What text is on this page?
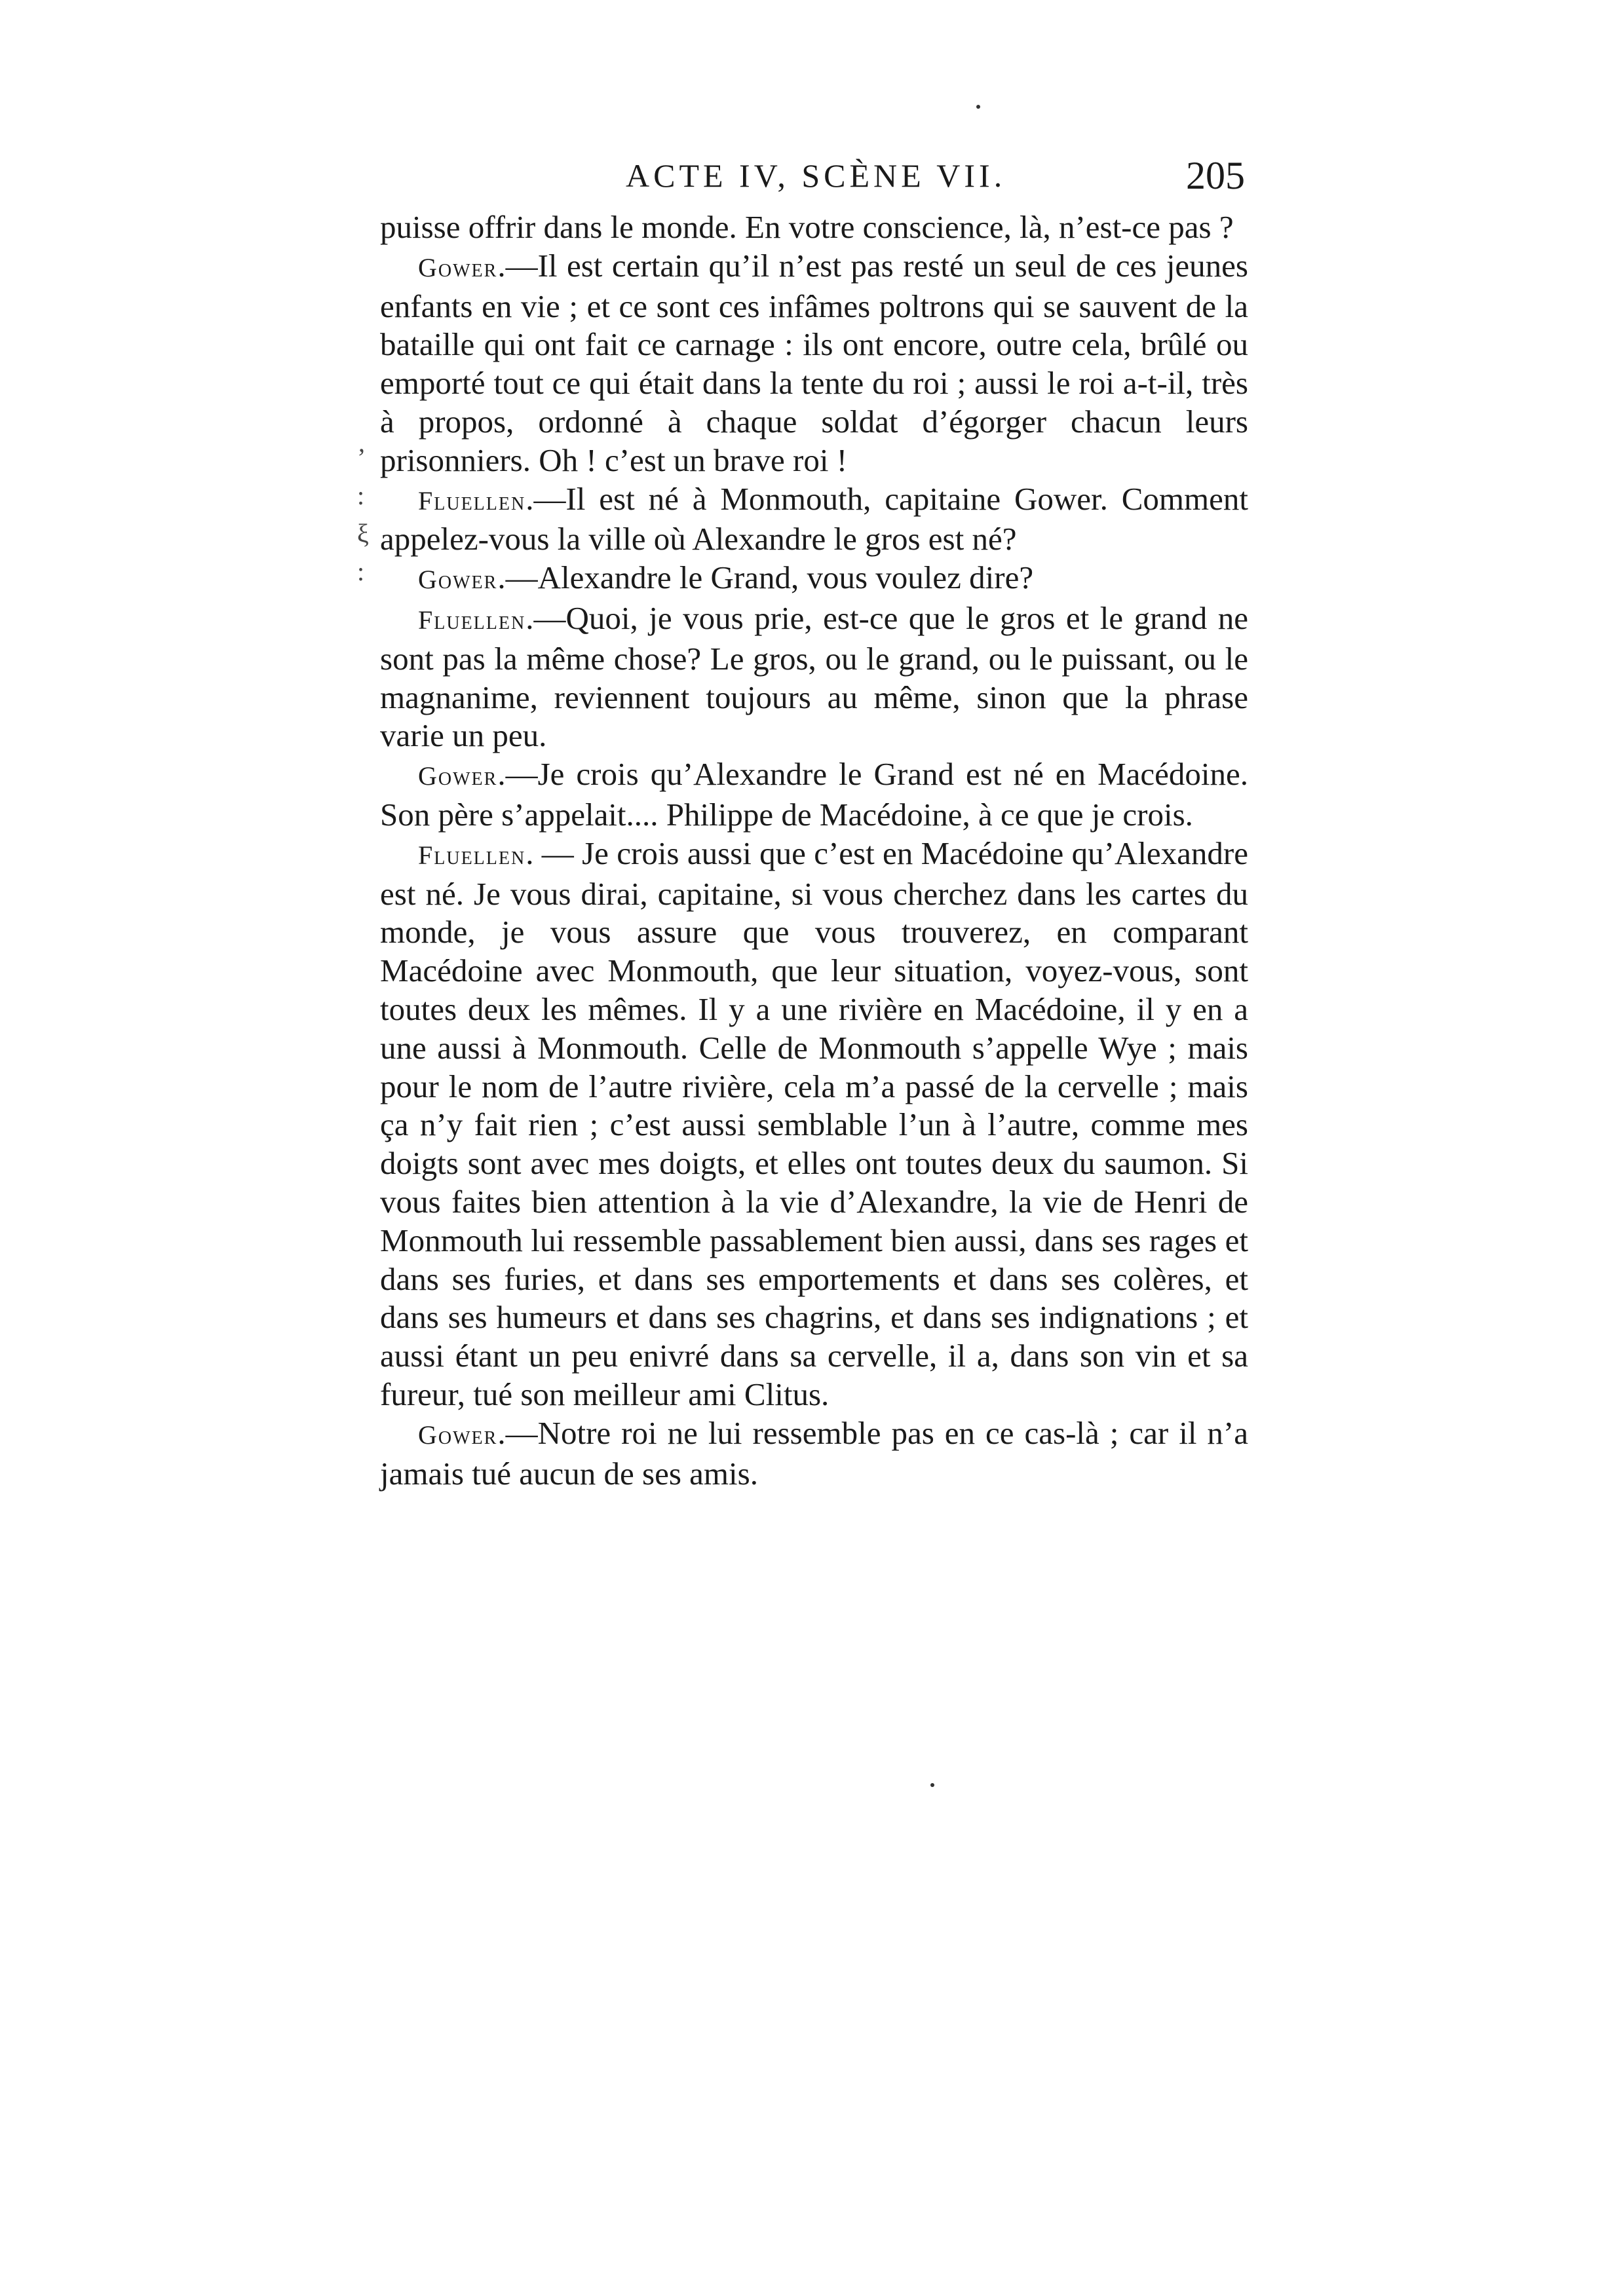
ACTE IV, SCÈNE VII.	205
’
:
ξ
:

puisse offrir dans le monde. En votre conscience, là, n’est-ce pas ?

Gower.—Il est certain qu’il n’est pas resté un seul de ces jeunes enfants en vie ; et ce sont ces infâmes poltrons qui se sauvent de la bataille qui ont fait ce carnage : ils ont encore, outre cela, brûlé ou emporté tout ce qui était dans la tente du roi ; aussi le roi a-t-il, très à propos, ordonné à chaque soldat d’égorger chacun leurs prisonniers. Oh ! c’est un brave roi !

Fluellen.—Il est né à Monmouth, capitaine Gower. Comment appelez-vous la ville où Alexandre le gros est né?

Gower.—Alexandre le Grand, vous voulez dire?

Fluellen.—Quoi, je vous prie, est-ce que le gros et le grand ne sont pas la même chose? Le gros, ou le grand, ou le puissant, ou le magnanime, reviennent toujours au même, sinon que la phrase varie un peu.

Gower.—Je crois qu’Alexandre le Grand est né en Macédoine. Son père s’appelait.... Philippe de Macédoine, à ce que je crois.

Fluellen. — Je crois aussi que c’est en Macédoine qu’Alexandre est né. Je vous dirai, capitaine, si vous cherchez dans les cartes du monde, je vous assure que vous trouverez, en comparant Macédoine avec Monmouth, que leur situation, voyez-vous, sont toutes deux les mêmes. Il y a une rivière en Macédoine, il y en a une aussi à Monmouth. Celle de Monmouth s’appelle Wye ; mais pour le nom de l’autre rivière, cela m’a passé de la cervelle ; mais ça n’y fait rien ; c’est aussi semblable l’un à l’autre, comme mes doigts sont avec mes doigts, et elles ont toutes deux du saumon. Si vous faites bien attention à la vie d’Alexandre, la vie de Henri de Monmouth lui ressemble passablement bien aussi, dans ses rages et dans ses furies, et dans ses emportements et dans ses colères, et dans ses humeurs et dans ses chagrins, et dans ses indignations ; et aussi étant un peu enivré dans sa cervelle, il a, dans son vin et sa fureur, tué son meilleur ami Clitus.

Gower.—Notre roi ne lui ressemble pas en ce cas-là ; car il n’a jamais tué aucun de ses amis.
